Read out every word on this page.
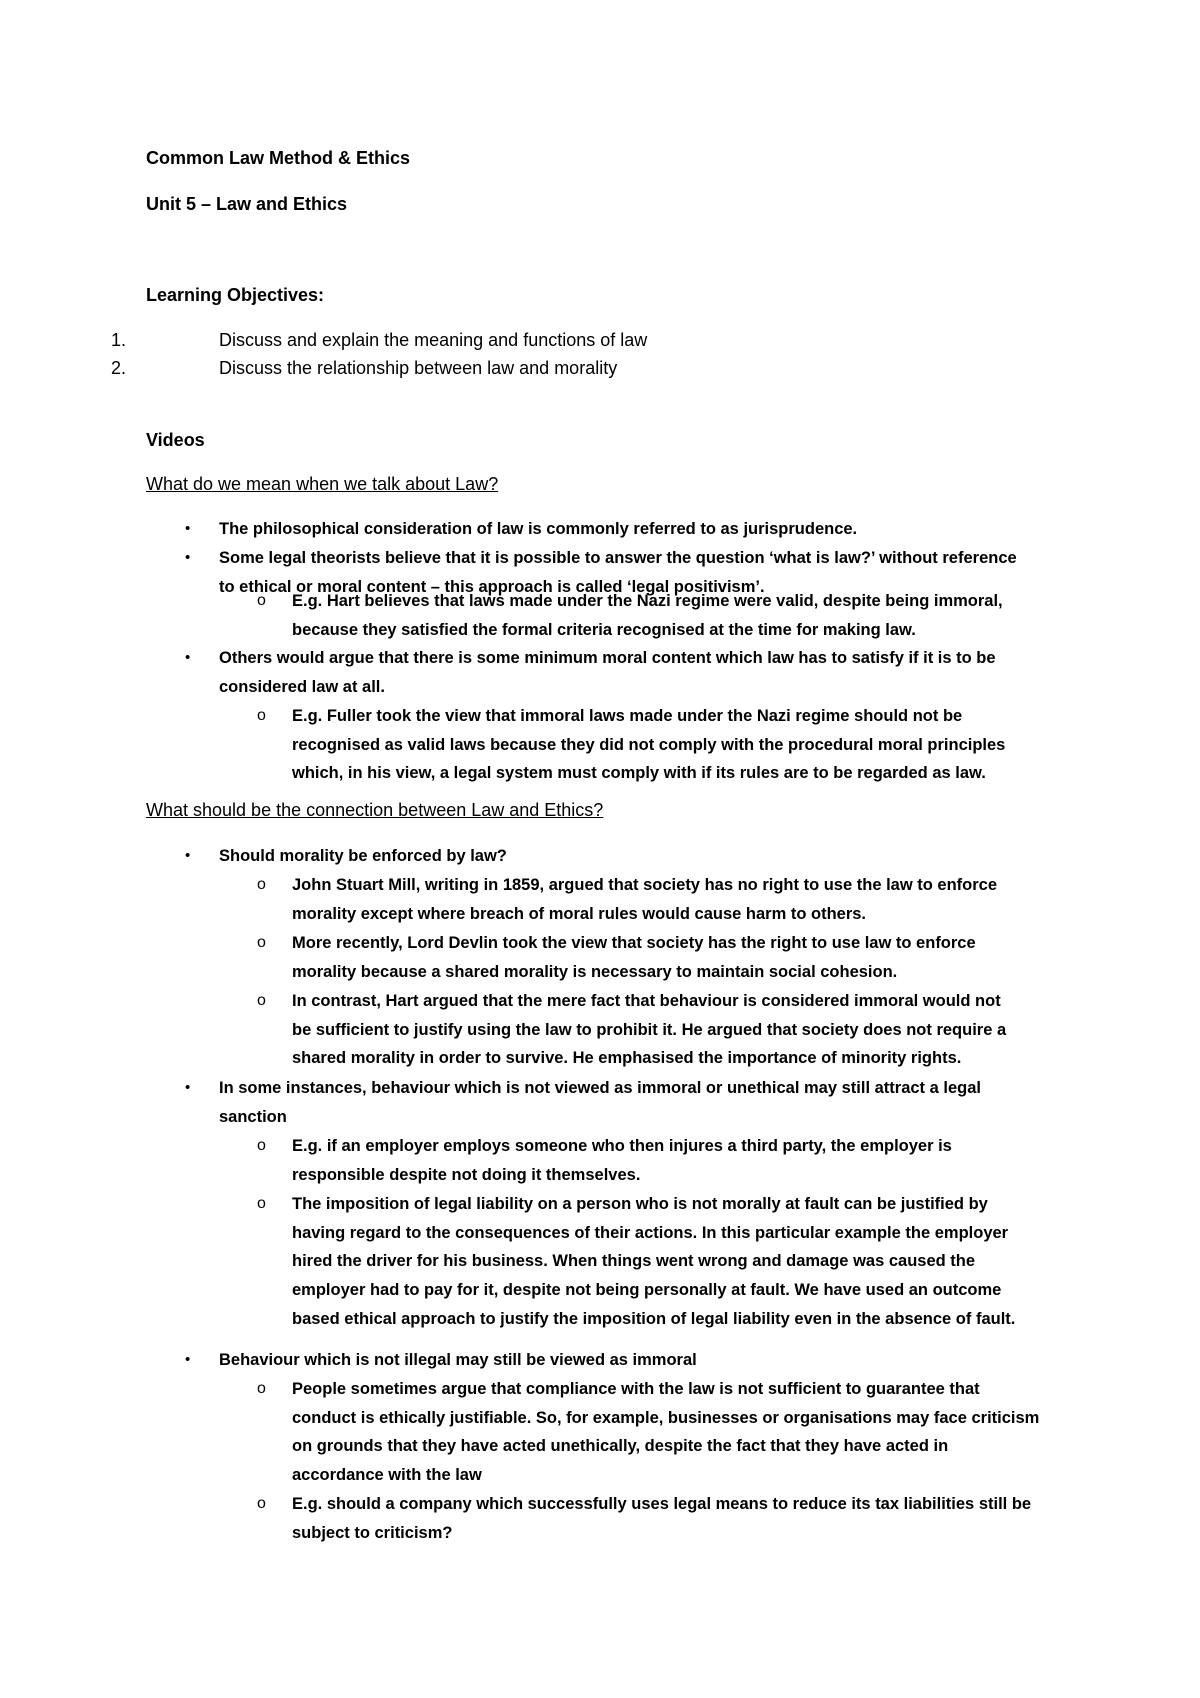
Common Law Method & Ethics
Unit 5 – Law and Ethics
Learning Objectives:
1.	Discuss and explain the meaning and functions of law
2.	Discuss the relationship between law and morality
Videos
What do we mean when we talk about Law?
What should be the connection between Law and Ethics?
• The philosophical consideration of law is commonly referred to as jurisprudence.
• Some legal theorists believe that it is possible to answer the question ‘what is law?’ without reference
to ethical or moral content – this approach is called ‘legal positivism’.
o E.g. Hart believes that laws made under the Nazi regime were valid, despite being immoral,
because they satisfied the formal criteria recognised at the time for making law.
• Others would argue that there is some minimum moral content which law has to satisfy if it is to be
considered law at all.
o E.g. Fuller took the view that immoral laws made under the Nazi regime should not be
recognised as valid laws because they did not comply with the procedural moral principles
which, in his view, a legal system must comply with if its rules are to be regarded as law.
• Should morality be enforced by law?
o John Stuart Mill, writing in 1859, argued that society has no right to use the law to enforce
morality except where breach of moral rules would cause harm to others.
o More recently, Lord Devlin took the view that society has the right to use law to enforce
morality because a shared morality is necessary to maintain social cohesion.
o In contrast, Hart argued that the mere fact that behaviour is considered immoral would not
be sufficient to justify using the law to prohibit it. He argued that society does not require a
shared morality in order to survive. He emphasised the importance of minority rights.
• In some instances, behaviour which is not viewed as immoral or unethical may still attract a legal
sanction
o E.g. if an employer employs someone who then injures a third party, the employer is
responsible despite not doing it themselves.
o The imposition of legal liability on a person who is not morally at fault can be justified by
having regard to the consequences of their actions. In this particular example the employer
hired the driver for his business. When things went wrong and damage was caused the
employer had to pay for it, despite not being personally at fault. We have used an outcome
based ethical approach to justify the imposition of legal liability even in the absence of fault.
• Behaviour which is not illegal may still be viewed as immoral
o People sometimes argue that compliance with the law is not sufficient to guarantee that
conduct is ethically justifiable. So, for example, businesses or organisations may face criticism
on grounds that they have acted unethically, despite the fact that they have acted in
accordance with the law
o E.g. should a company which successfully uses legal means to reduce its tax liabilities still be
subject to criticism?
